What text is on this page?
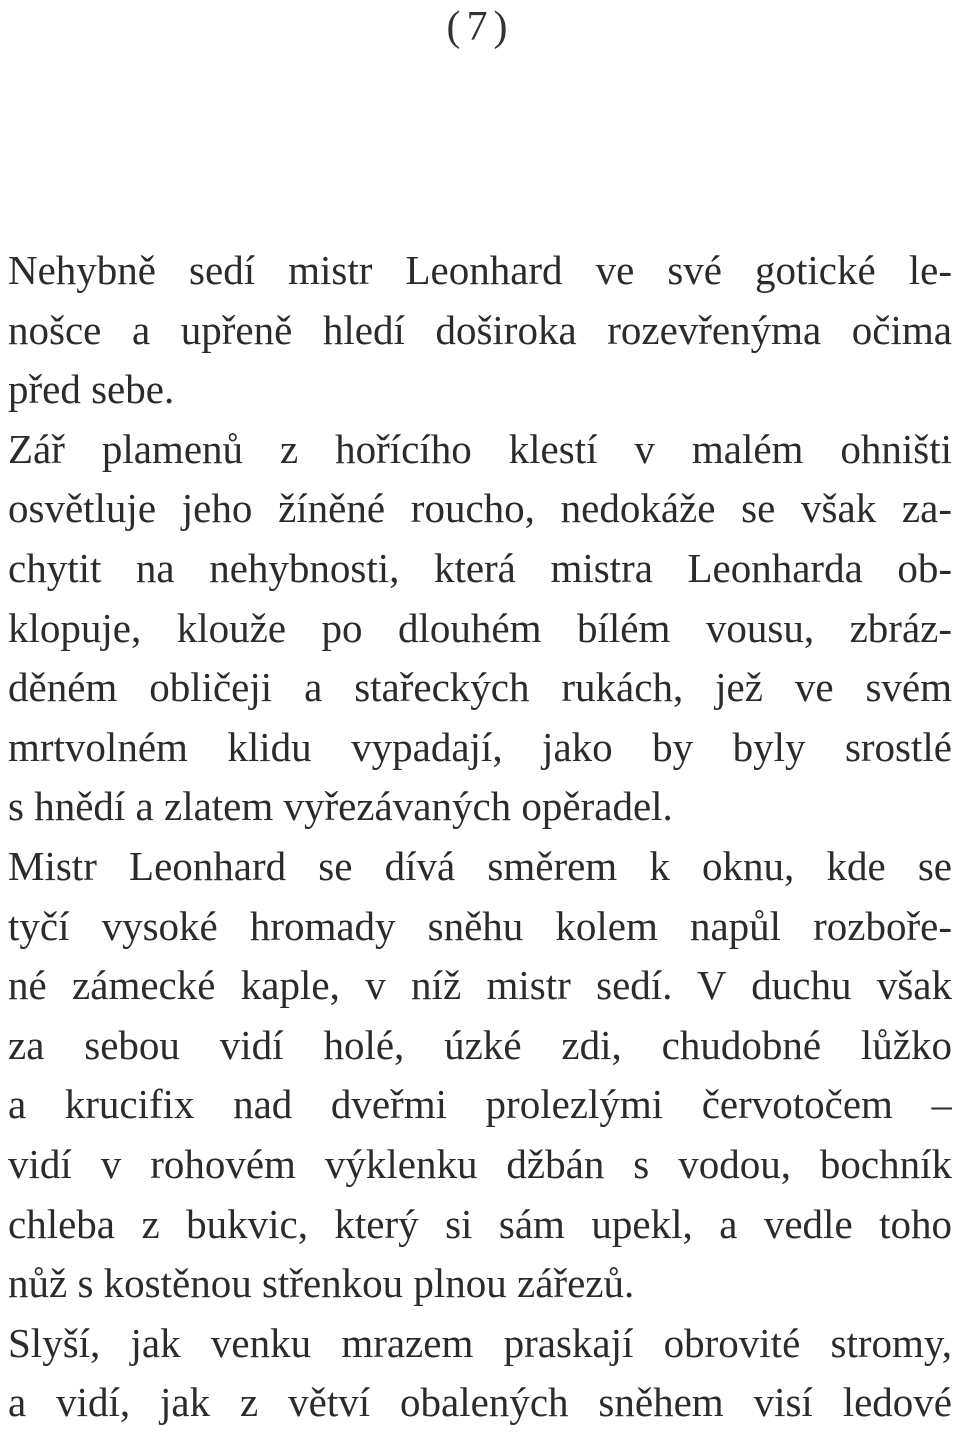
(7)
Nehybně sedí mistr Leonhard ve své gotické le-
nošce a upřeně hledí doširoka rozevřenýma očima
před sebe.
Zář plamenů z hořícího klestí v malém ohništi
osvětluje jeho žíněné roucho, nedokáže se však za-
chytit na nehybnosti, která mistra Leonharda ob-
klopuje, klouže po dlouhém bílém vousu, zbráz-
děném obličeji a stařeckých rukách, jež ve svém
mrtvolném klidu vypadají, jako by byly srostlé
s hnědí a zlatem vyřezávaných opěradel.
Mistr Leonhard se dívá směrem k oknu, kde se
tyčí vysoké hromady sněhu kolem napůl rozboře-
né zámecké kaple, v níž mistr sedí. V duchu však
za sebou vidí holé, úzké zdi, chudobné lůžko
a krucifix nad dveřmi prolezlými červotočem –
vidí v rohovém výklenku džbán s vodou, bochník
chleba z bukvic, který si sám upekl, a vedle toho
nůž s kostěnou střenkou plnou zářezů.
Slyší, jak venku mrazem praskají obrovité stromy,
a vidí, jak z větví obalených sněhem visí ledové
